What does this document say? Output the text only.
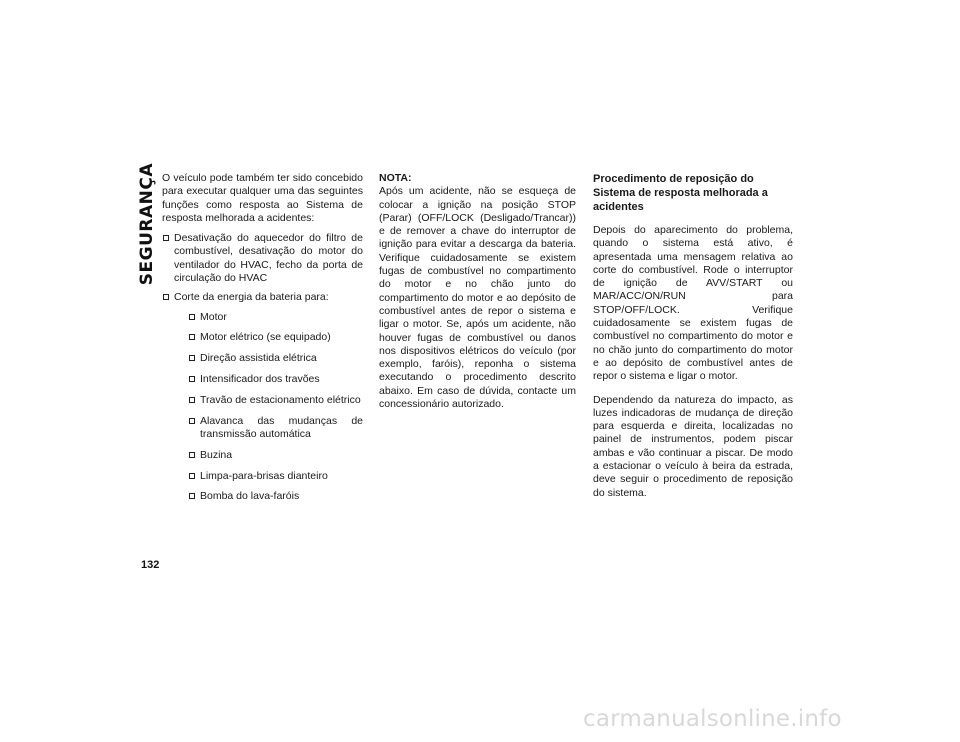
SEGURANÇA
132

O veículo pode também ter sido concebido para executar qualquer uma das seguintes funções como resposta ao Sistema de resposta melhorada a acidentes:

Desativação do aquecedor do filtro de combustível, desativação do motor do ventilador do HVAC, fecho da porta de circulação do HVAC
Corte da energia da bateria para:
Motor
Motor elétrico (se equipado)
Direção assistida elétrica
Intensificador dos travões
Travão de estacionamento elétrico
Alavanca das mudanças de transmissão automática
Buzina
Limpa-para-brisas dianteiro
Bomba do lava-faróis

NOTA:

Após um acidente, não se esqueça de colocar a ignição na posição STOP (Parar) (OFF/LOCK (Desligado/Trancar)) e de remover a chave do interruptor de ignição para evitar a descarga da bateria. Verifique cuidadosamente se existem fugas de combustível no compartimento do motor e no chão junto do compartimento do motor e ao depósito de combustível antes de repor o sistema e ligar o motor. Se, após um acidente, não houver fugas de combustível ou danos nos dispositivos elétricos do veículo (por exemplo, faróis), reponha o sistema executando o procedimento descrito abaixo. Em caso de dúvida, contacte um concessionário autorizado.

Procedimento de reposição do Sistema de resposta melhorada a acidentes

Depois do aparecimento do problema, quando o sistema está ativo, é apresentada uma mensagem relativa ao corte do combustível. Rode o interruptor de ignição de AVV/START ou MAR/ACC/ON/RUN para STOP/OFF/LOCK. Verifique cuidadosamente se existem fugas de combustível no compartimento do motor e no chão junto do compartimento do motor e ao depósito de combustível antes de repor o sistema e ligar o motor.

Dependendo da natureza do impacto, as luzes indicadoras de mudança de direção para esquerda e direita, localizadas no painel de instrumentos, podem piscar ambas e vão continuar a piscar. De modo a estacionar o veículo à beira da estrada, deve seguir o procedimento de reposição do sistema.

carmanualsonline.info
